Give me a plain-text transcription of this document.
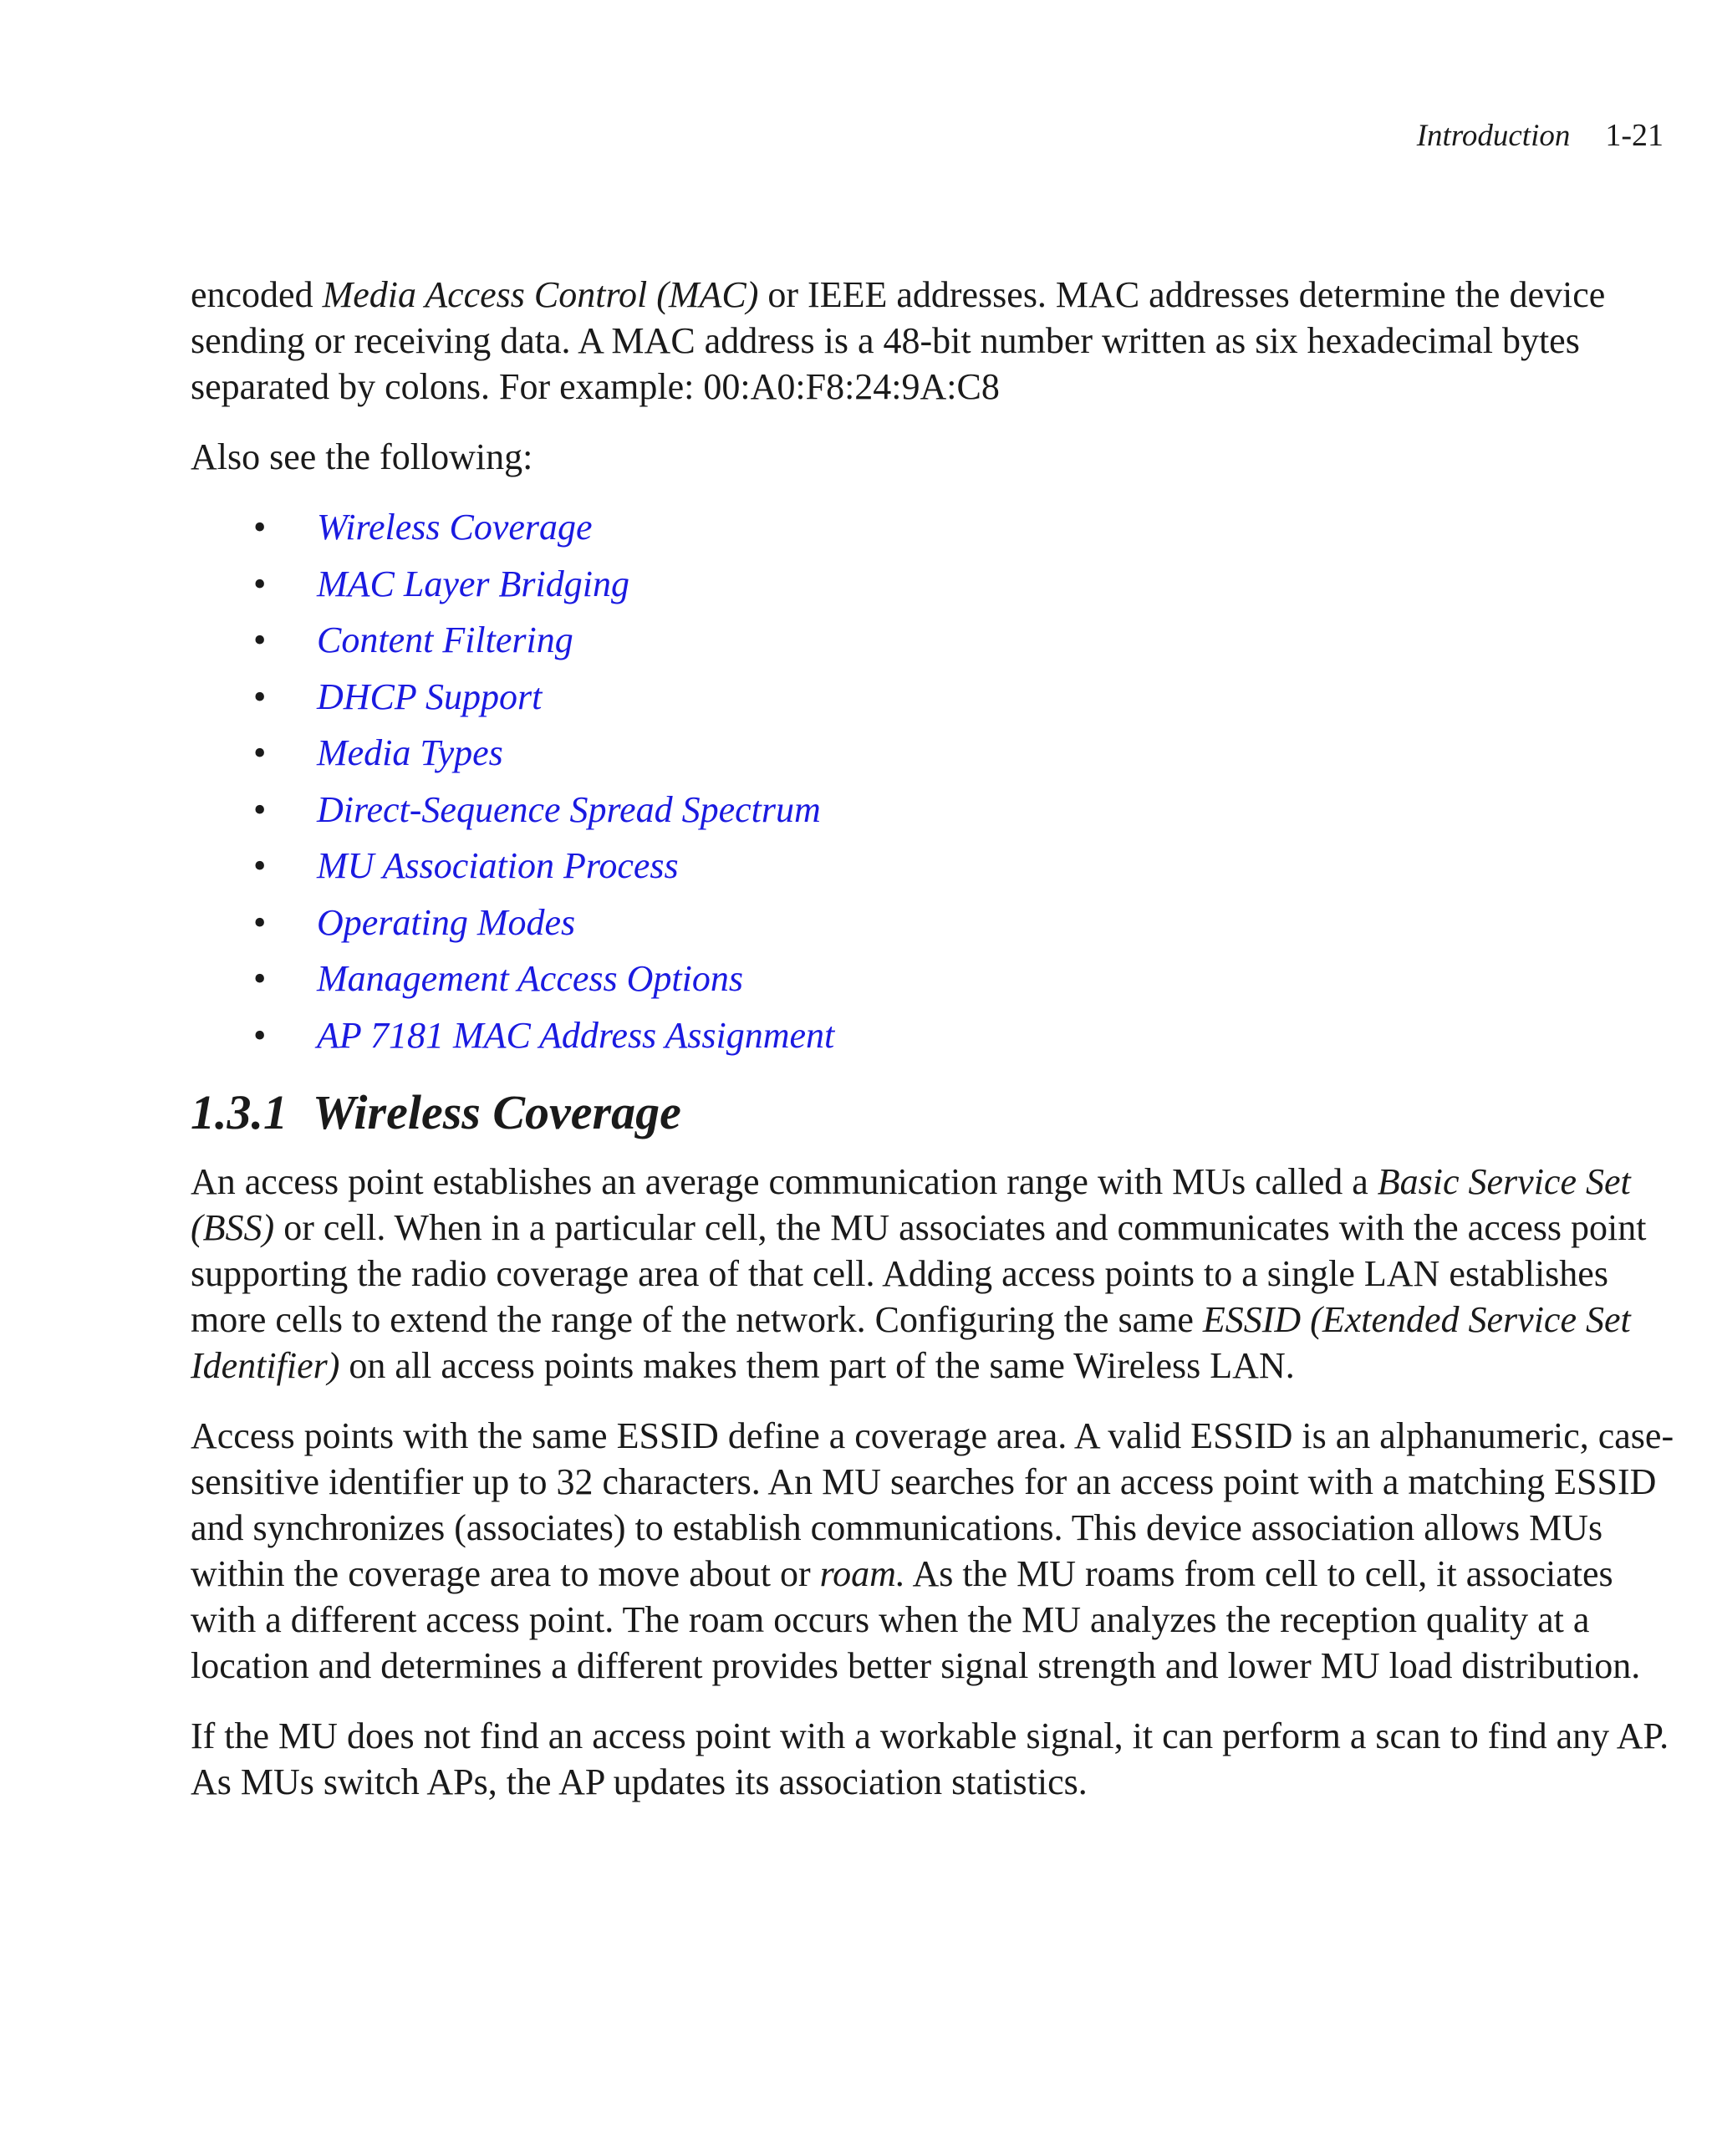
Introduction 1-21

encoded Media Access Control (MAC) or IEEE addresses. MAC addresses determine the device sending or receiving data. A MAC address is a 48-bit number written as six hexadecimal bytes separated by colons. For example: 00:A0:F8:24:9A:C8

Also see the following:

• Wireless Coverage
• MAC Layer Bridging
• Content Filtering
• DHCP Support
• Media Types
• Direct-Sequence Spread Spectrum
• MU Association Process
• Operating Modes
• Management Access Options
• AP 7181 MAC Address Assignment
1.3.1 Wireless Coverage

An access point establishes an average communication range with MUs called a Basic Service Set (BSS) or cell. When in a particular cell, the MU associates and communicates with the access point supporting the radio coverage area of that cell. Adding access points to a single LAN establishes more cells to extend the range of the network. Configuring the same ESSID (Extended Service Set Identifier) on all access points makes them part of the same Wireless LAN.

Access points with the same ESSID define a coverage area. A valid ESSID is an alphanumeric, case-sensitive identifier up to 32 characters. An MU searches for an access point with a matching ESSID and synchronizes (associates) to establish communications. This device association allows MUs within the coverage area to move about or roam. As the MU roams from cell to cell, it associates with a different access point. The roam occurs when the MU analyzes the reception quality at a location and determines a different provides better signal strength and lower MU load distribution.

If the MU does not find an access point with a workable signal, it can perform a scan to find any AP. As MUs switch APs, the AP updates its association statistics.
